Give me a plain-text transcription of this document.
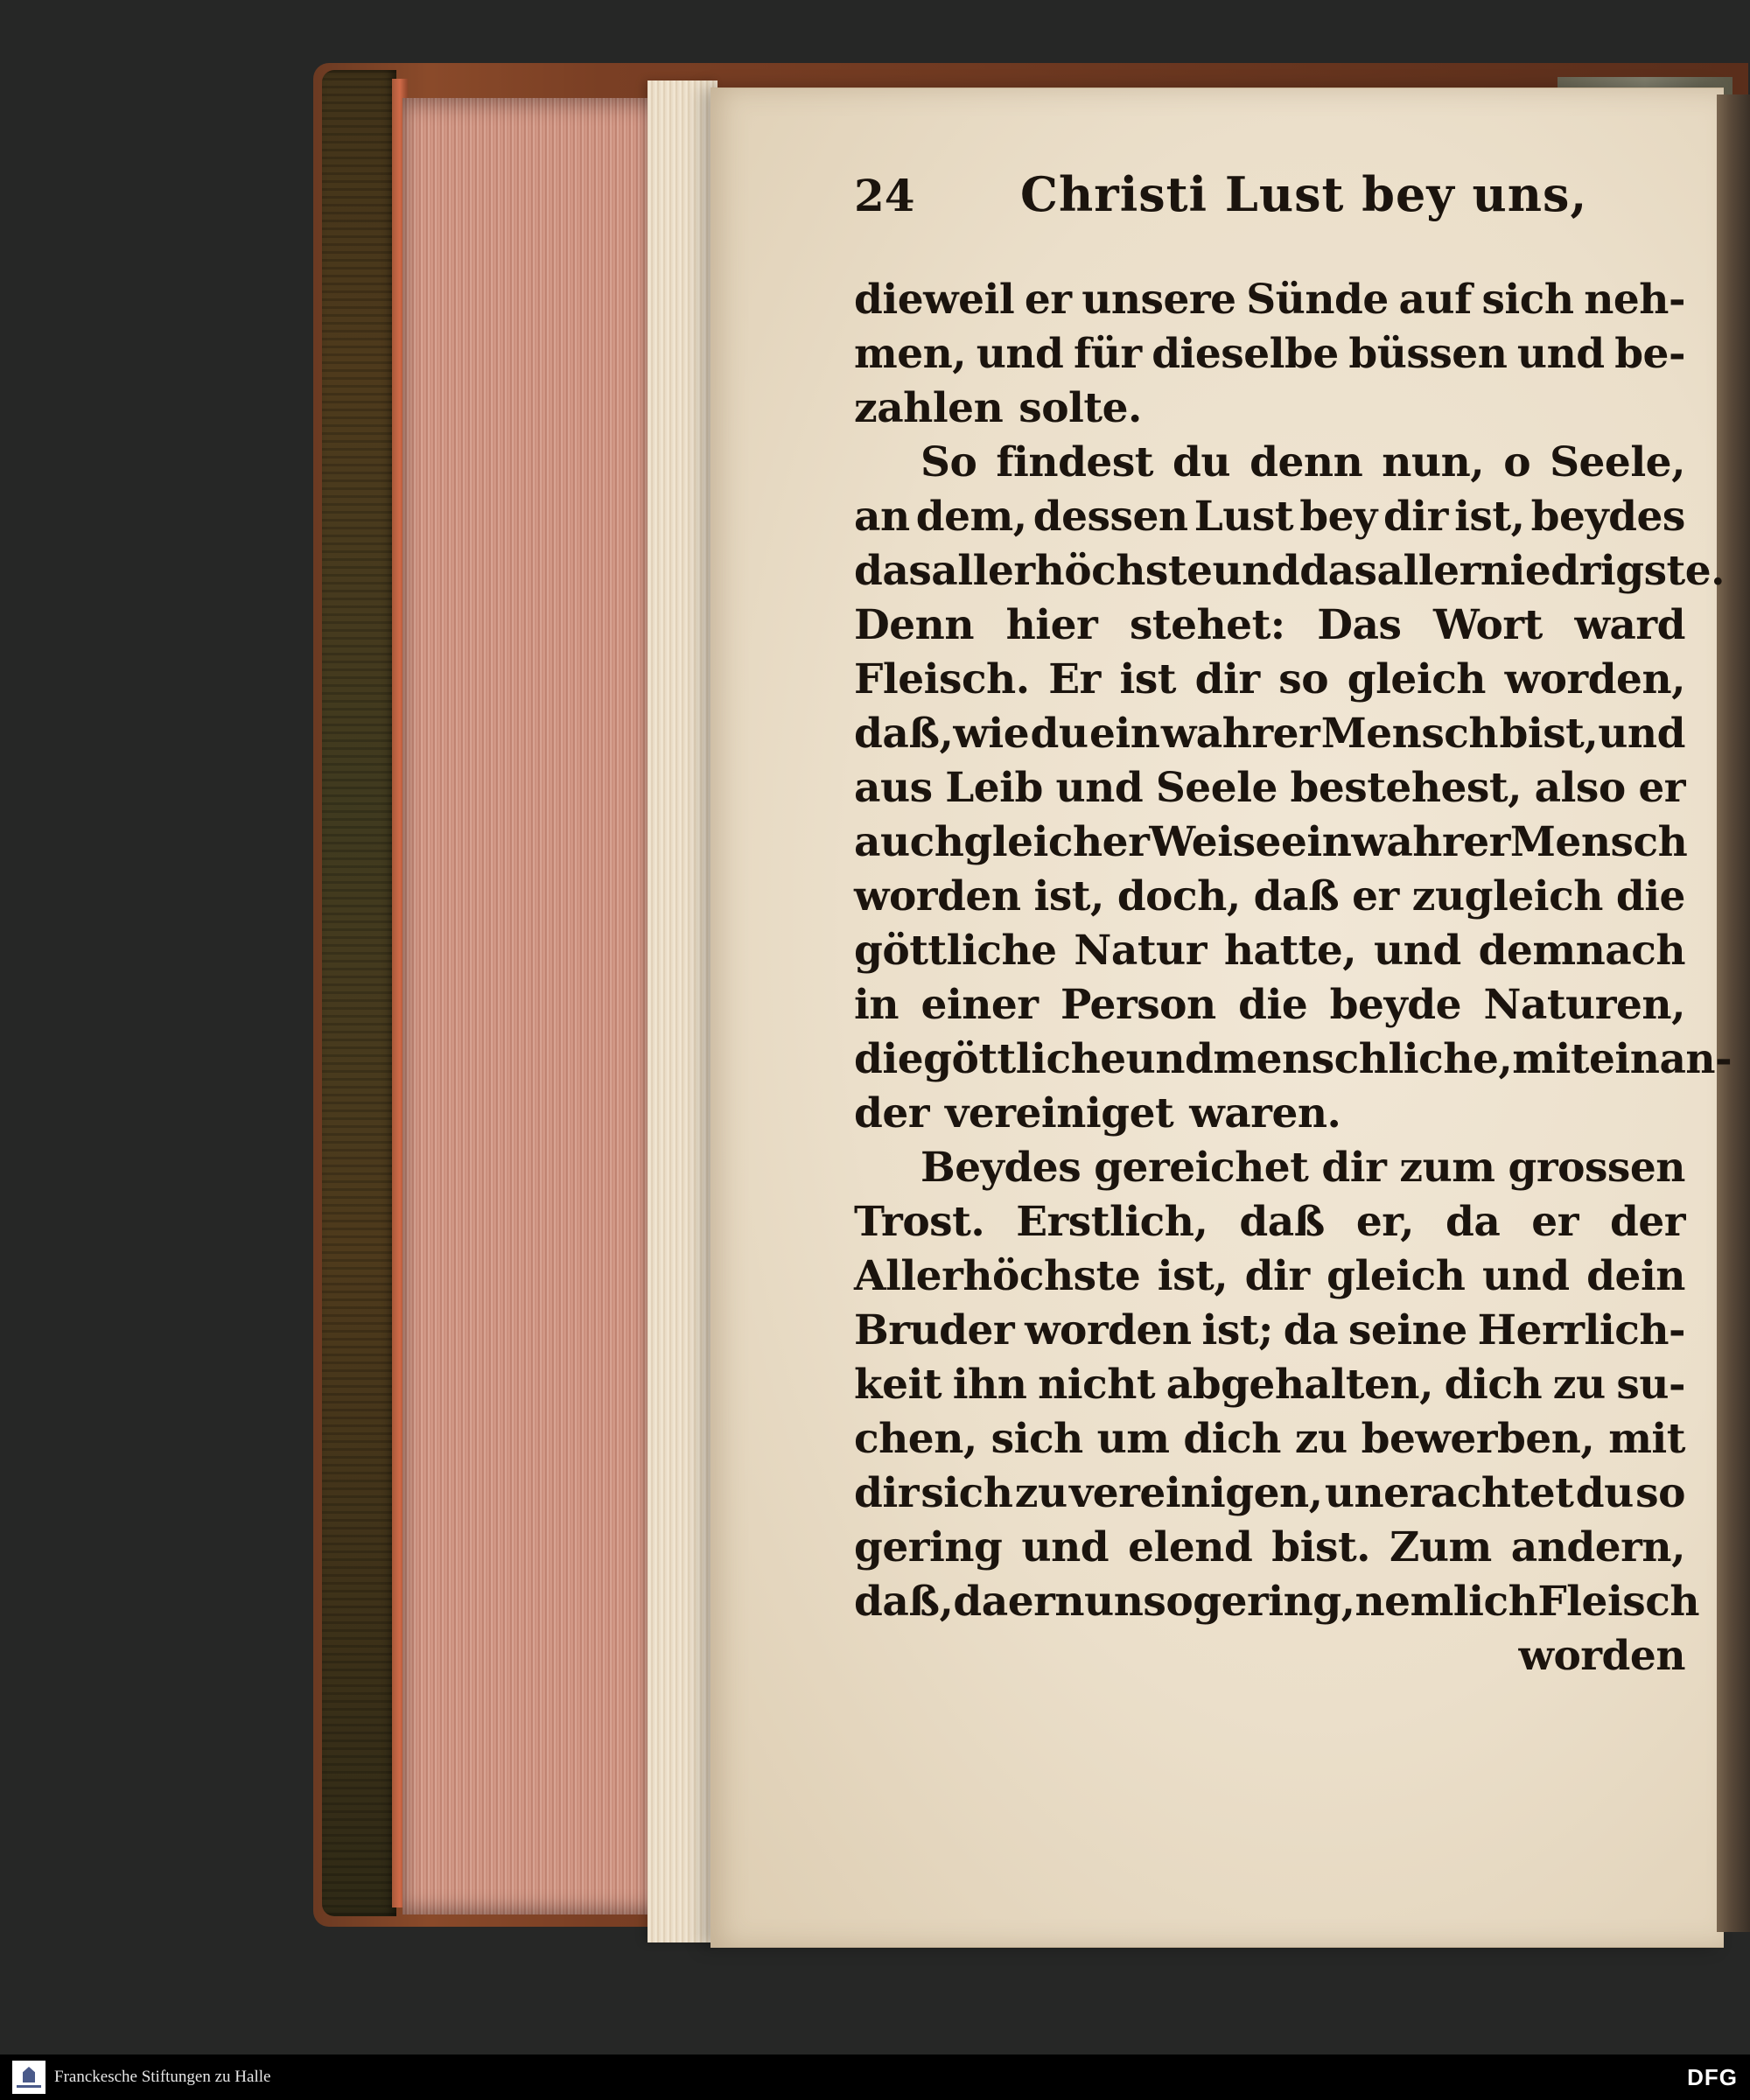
24	Christi Lust bey uns,
dieweil er unsere Sünde auf sich neh-
men, und für dieselbe büssen und be-
zahlen solte.
So findest du denn nun, o Seele,
an dem, dessen Lust bey dir ist, beydes
das allerhöchste und das allerniedrigste.
Denn hier stehet: Das Wort ward
Fleisch. Er ist dir so gleich worden,
daß,wie du ein wahrer Mensch bist,und
aus Leib und Seele bestehest, also er
auch gleicher Weise ein wahrer Mensch
worden ist, doch, daß er zugleich die
göttliche Natur hatte, und demnach
in einer Person die beyde Naturen,
die göttliche und menschliche, mit einan-
der vereiniget waren.
Beydes gereichet dir zum grossen
Trost. Erstlich, daß er, da er der
Allerhöchste ist, dir gleich und dein
Bruder worden ist; da seine Herrlich-
keit ihn nicht abgehalten, dich zu su-
chen, sich um dich zu bewerben, mit
dir sich zu vereinigen, unerachtet du so
gering und elend bist. Zum andern,
daß, da er nun so gering, nemlich Fleisch
worden
Franckesche Stiftungen zu Halle	DFG
